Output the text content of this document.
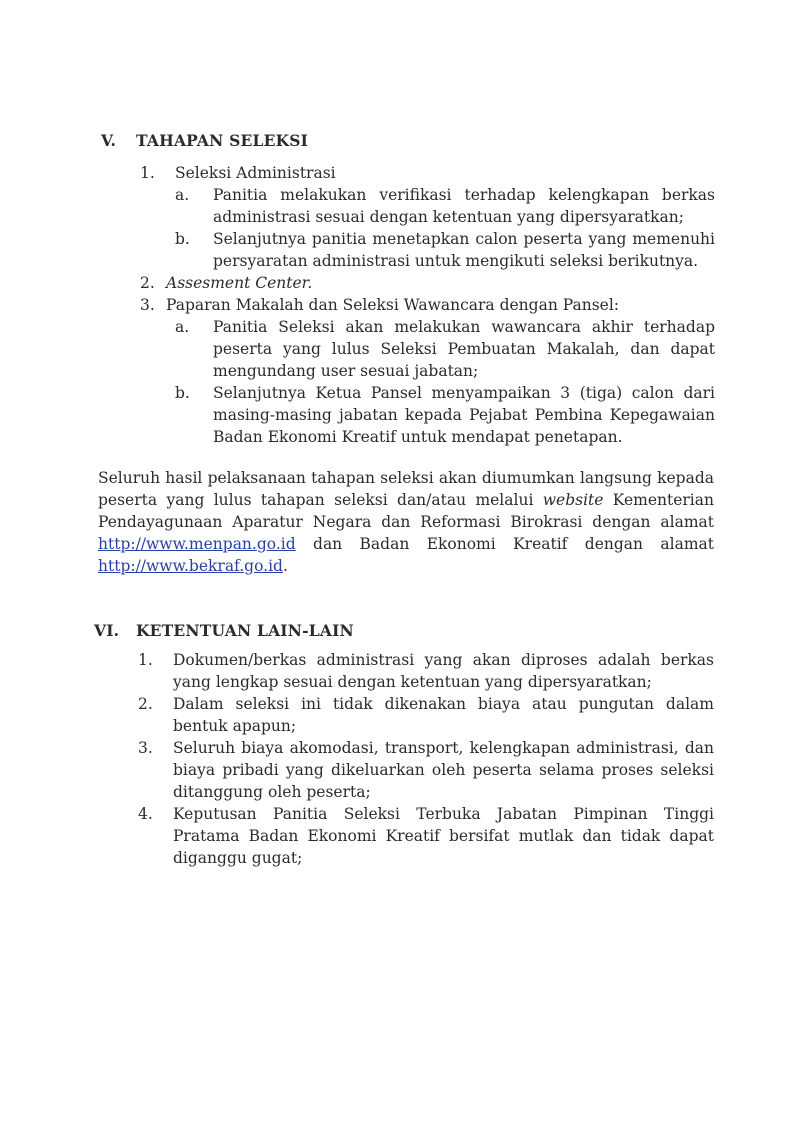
V. TAHAPAN SELEKSI
1. Seleksi Administrasi
a. Panitia melakukan verifikasi terhadap kelengkapan berkas administrasi sesuai dengan ketentuan yang dipersyaratkan;
b. Selanjutnya panitia menetapkan calon peserta yang memenuhi persyaratan administrasi untuk mengikuti seleksi berikutnya.
2. Assesment Center.
3. Paparan Makalah dan Seleksi Wawancara dengan Pansel:
a. Panitia Seleksi akan melakukan wawancara akhir terhadap peserta yang lulus Seleksi Pembuatan Makalah, dan dapat mengundang user sesuai jabatan;
b. Selanjutnya Ketua Pansel menyampaikan 3 (tiga) calon dari masing-masing jabatan kepada Pejabat Pembina Kepegawaian Badan Ekonomi Kreatif untuk mendapat penetapan.
Seluruh hasil pelaksanaan tahapan seleksi akan diumumkan langsung kepada peserta yang lulus tahapan seleksi dan/atau melalui website Kementerian Pendayagunaan Aparatur Negara dan Reformasi Birokrasi dengan alamat http://www.menpan.go.id dan Badan Ekonomi Kreatif dengan alamat http://www.bekraf.go.id.
VI. KETENTUAN LAIN-LAIN
1. Dokumen/berkas administrasi yang akan diproses adalah berkas yang lengkap sesuai dengan ketentuan yang dipersyaratkan;
2. Dalam seleksi ini tidak dikenakan biaya atau pungutan dalam bentuk apapun;
3. Seluruh biaya akomodasi, transport, kelengkapan administrasi, dan biaya pribadi yang dikeluarkan oleh peserta selama proses seleksi ditanggung oleh peserta;
4. Keputusan Panitia Seleksi Terbuka Jabatan Pimpinan Tinggi Pratama Badan Ekonomi Kreatif bersifat mutlak dan tidak dapat diganggu gugat;
